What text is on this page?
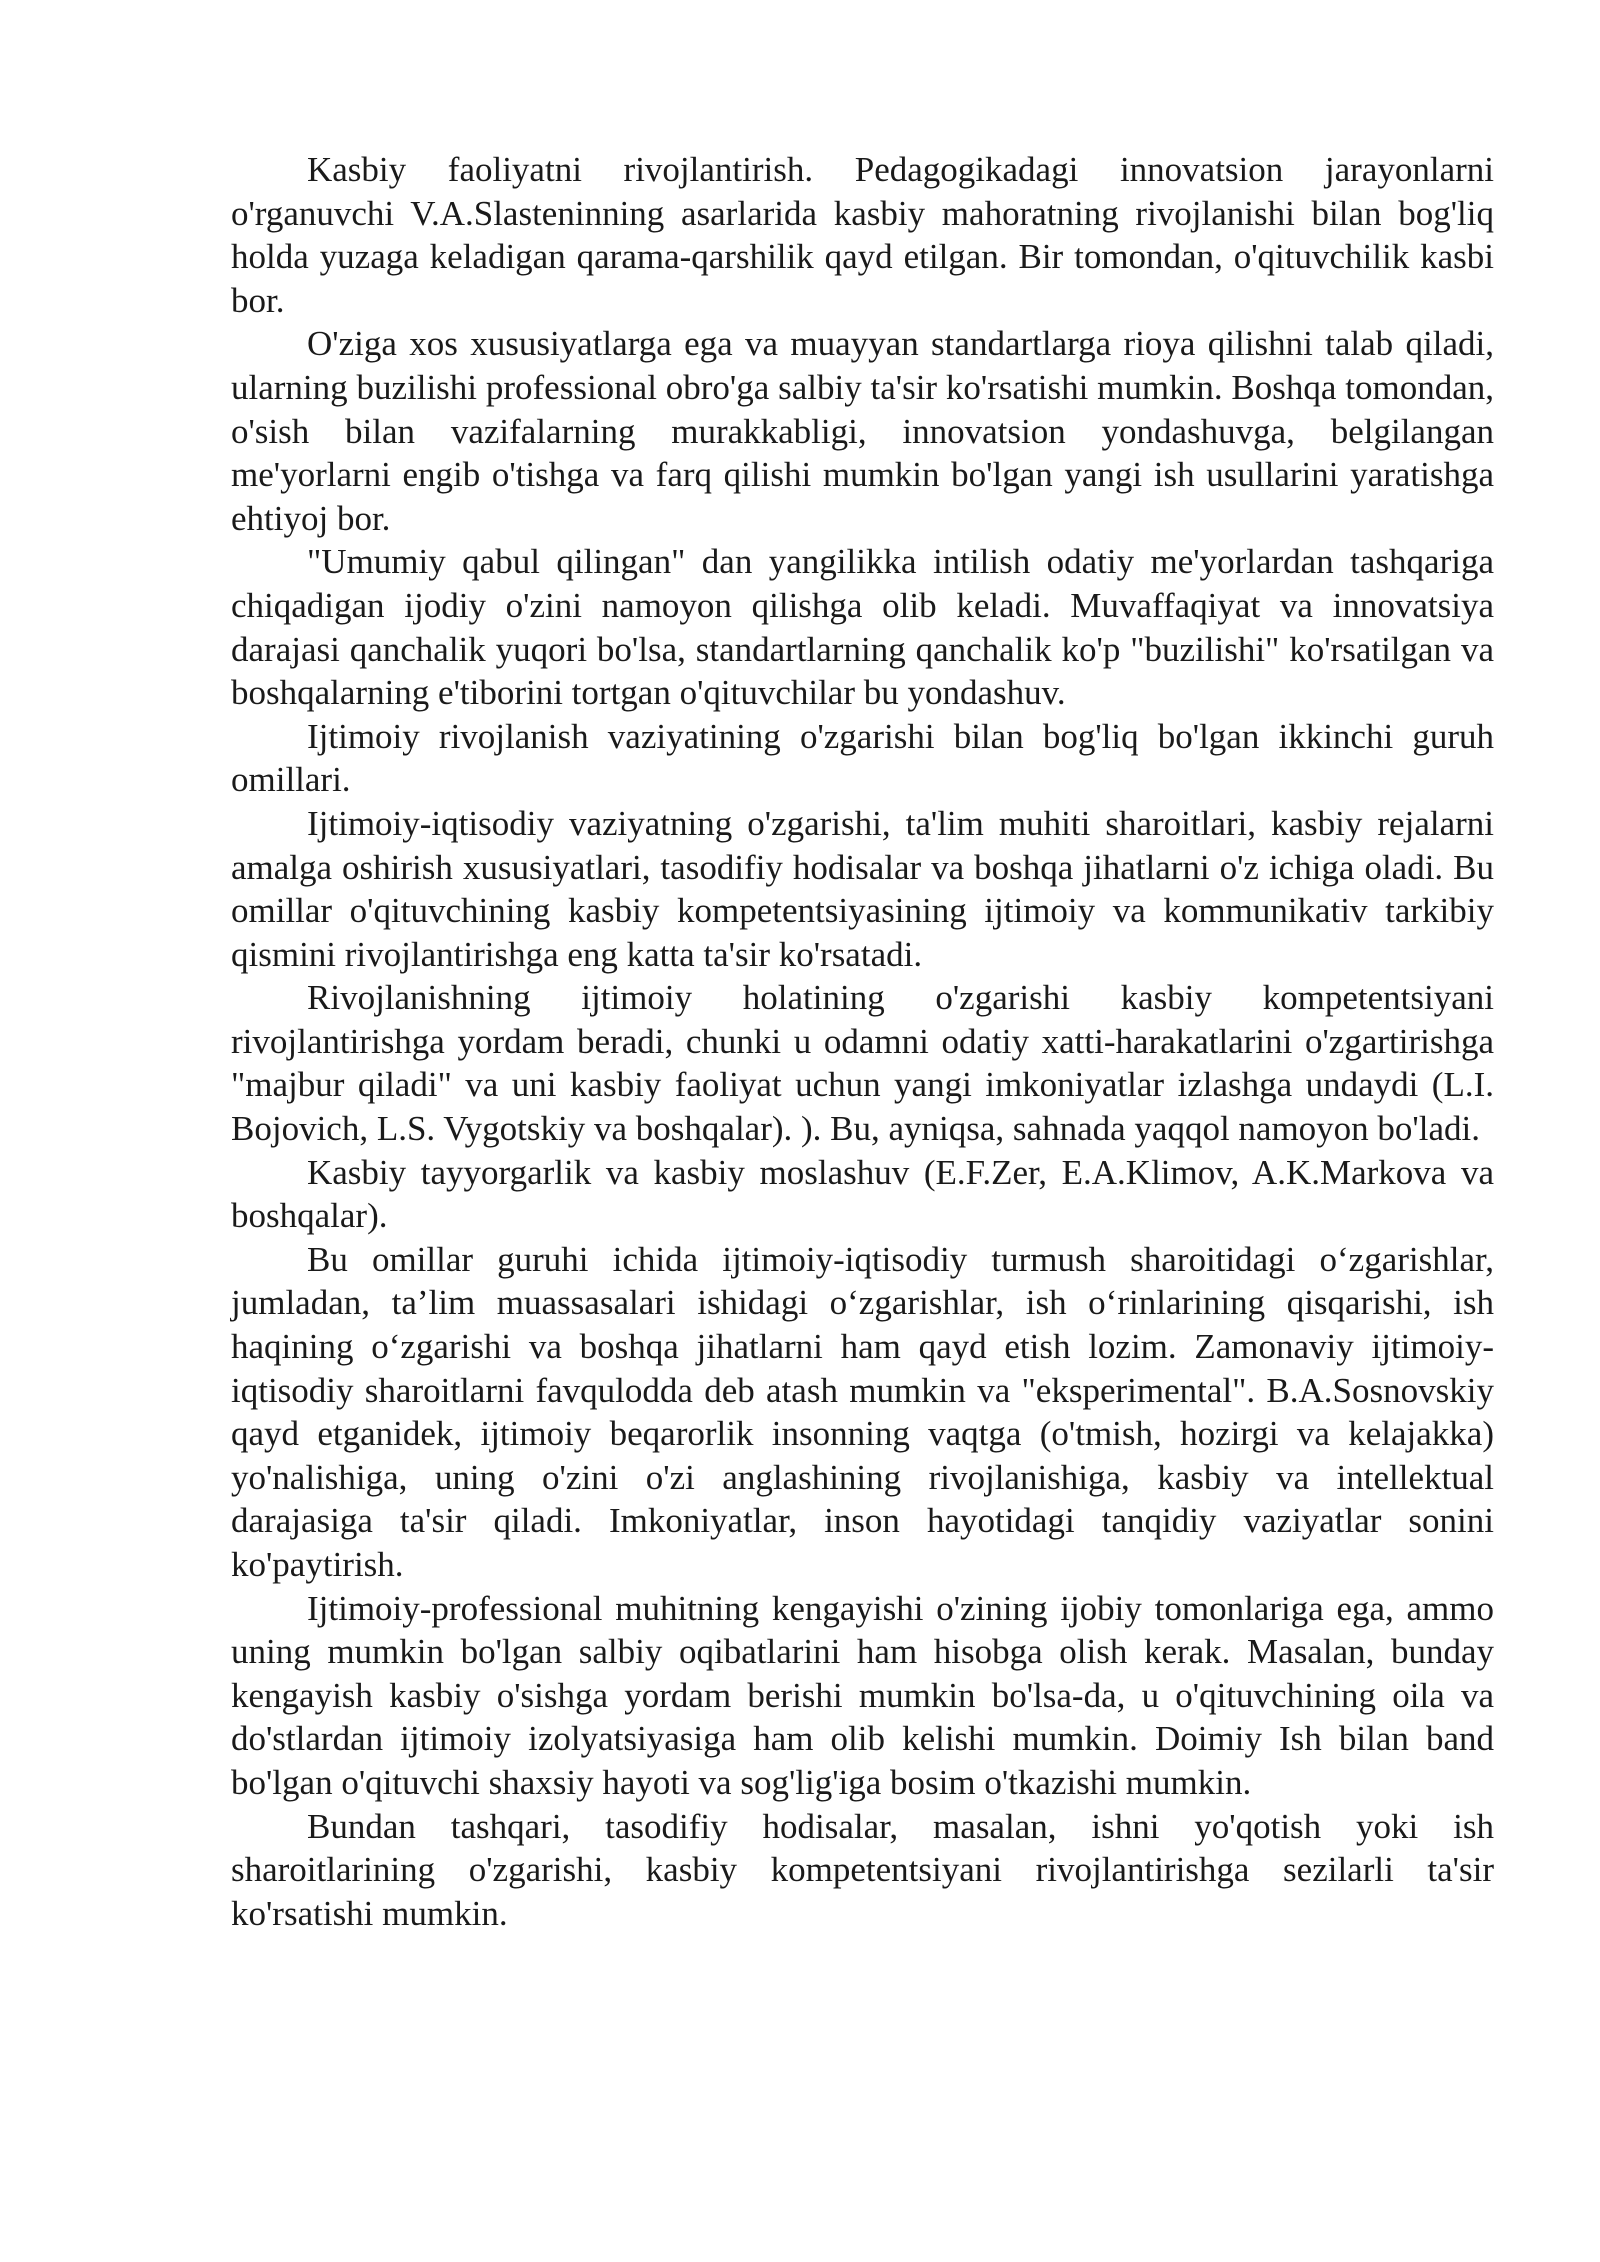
Kasbiy faoliyatni rivojlantirish. Pedagogikadagi innovatsion jarayonlarni o'rganuvchi V.A.Slasteninning asarlarida kasbiy mahoratning rivojlanishi bilan bog'liq holda yuzaga keladigan qarama-qarshilik qayd etilgan. Bir tomondan, o'qituvchilik kasbi bor.

O'ziga xos xususiyatlarga ega va muayyan standartlarga rioya qilishni talab qiladi, ularning buzilishi professional obro'ga salbiy ta'sir ko'rsatishi mumkin. Boshqa tomondan, o'sish bilan vazifalarning murakkabligi, innovatsion yondashuvga, belgilangan me'yorlarni engib o'tishga va farq qilishi mumkin bo'lgan yangi ish usullarini yaratishga ehtiyoj bor.

"Umumiy qabul qilingan" dan yangilikka intilish odatiy me'yorlardan tashqariga chiqadigan ijodiy o'zini namoyon qilishga olib keladi. Muvaffaqiyat va innovatsiya darajasi qanchalik yuqori bo'lsa, standartlarning qanchalik ko'p "buzilishi" ko'rsatilgan va boshqalarning e'tiborini tortgan o'qituvchilar bu yondashuv.

Ijtimoiy rivojlanish vaziyatining o'zgarishi bilan bog'liq bo'lgan ikkinchi guruh omillari.

Ijtimoiy-iqtisodiy vaziyatning o'zgarishi, ta'lim muhiti sharoitlari, kasbiy rejalarni amalga oshirish xususiyatlari, tasodifiy hodisalar va boshqa jihatlarni o'z ichiga oladi. Bu omillar o'qituvchining kasbiy kompetentsiyasining ijtimoiy va kommunikativ tarkibiy qismini rivojlantirishga eng katta ta'sir ko'rsatadi.

Rivojlanishning ijtimoiy holatining o'zgarishi kasbiy kompetentsiyani rivojlantirishga yordam beradi, chunki u odamni odatiy xatti-harakatlarini o'zgartirishga "majbur qiladi" va uni kasbiy faoliyat uchun yangi imkoniyatlar izlashga undaydi (L.I. Bojovich, L.S. Vygotskiy va boshqalar). ). Bu, ayniqsa, sahnada yaqqol namoyon bo'ladi.

Kasbiy tayyorgarlik va kasbiy moslashuv (E.F.Zer, E.A.Klimov, A.K.Markova va boshqalar).

Bu omillar guruhi ichida ijtimoiy-iqtisodiy turmush sharoitidagi o‘zgarishlar, jumladan, ta’lim muassasalari ishidagi o‘zgarishlar, ish o‘rinlarining qisqarishi, ish haqining o‘zgarishi va boshqa jihatlarni ham qayd etish lozim. Zamonaviy ijtimoiy-iqtisodiy sharoitlarni favqulodda deb atash mumkin va "eksperimental". B.A.Sosnovskiy qayd etganidek, ijtimoiy beqarorlik insonning vaqtga (o'tmish, hozirgi va kelajakka) yo'nalishiga, uning o'zini o'zi anglashining rivojlanishiga, kasbiy va intellektual darajasiga ta'sir qiladi. Imkoniyatlar, inson hayotidagi tanqidiy vaziyatlar sonini ko'paytirish.

Ijtimoiy-professional muhitning kengayishi o'zining ijobiy tomonlariga ega, ammo uning mumkin bo'lgan salbiy oqibatlarini ham hisobga olish kerak. Masalan, bunday kengayish kasbiy o'sishga yordam berishi mumkin bo'lsa-da, u o'qituvchining oila va do'stlardan ijtimoiy izolyatsiyasiga ham olib kelishi mumkin. Doimiy Ish bilan band bo'lgan o'qituvchi shaxsiy hayoti va sog'lig'iga bosim o'tkazishi mumkin.

Bundan tashqari, tasodifiy hodisalar, masalan, ishni yo'qotish yoki ish sharoitlarining o'zgarishi, kasbiy kompetentsiyani rivojlantirishga sezilarli ta'sir ko'rsatishi mumkin.
